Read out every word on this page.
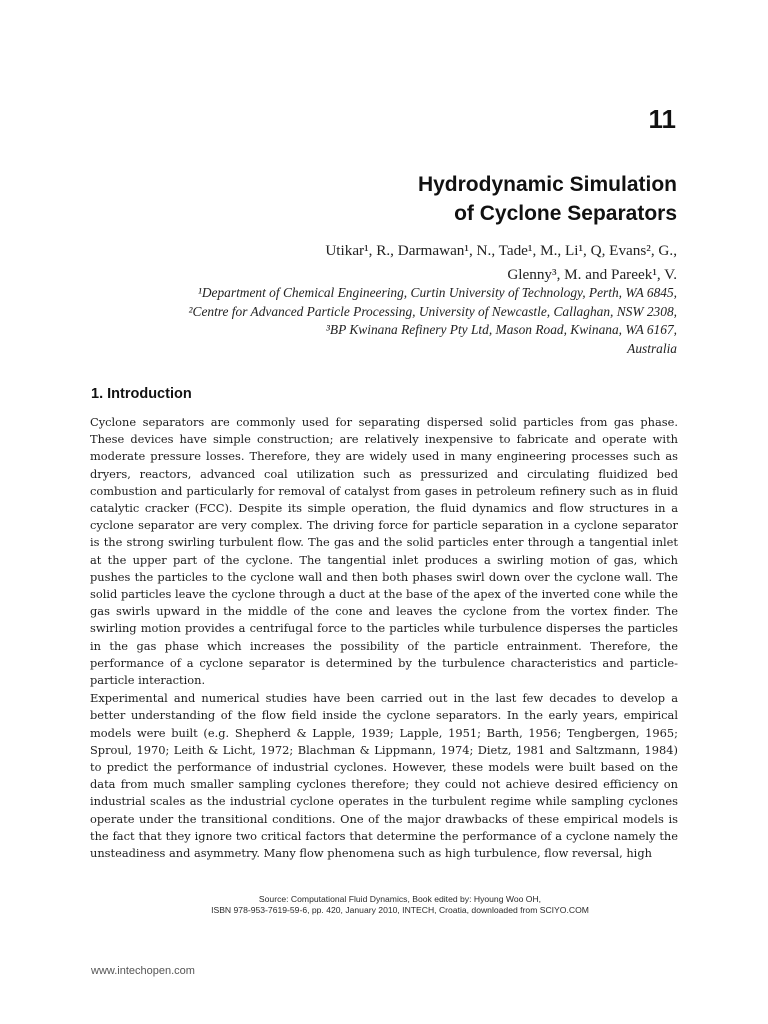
11
Hydrodynamic Simulation
of Cyclone Separators
Utikar¹, R., Darmawan¹, N., Tade¹, M., Li¹, Q, Evans², G.,
Glenny³, M. and Pareek¹, V.
¹Department of Chemical Engineering, Curtin University of Technology, Perth, WA 6845,
²Centre for Advanced Particle Processing, University of Newcastle, Callaghan, NSW 2308,
³BP Kwinana Refinery Pty Ltd, Mason Road, Kwinana, WA 6167,
Australia
1. Introduction

Cyclone separators are commonly used for separating dispersed solid particles from gas phase. These devices have simple construction; are relatively inexpensive to fabricate and operate with moderate pressure losses. Therefore, they are widely used in many engineering processes such as dryers, reactors, advanced coal utilization such as pressurized and circulating fluidized bed combustion and particularly for removal of catalyst from gases in petroleum refinery such as in fluid catalytic cracker (FCC). Despite its simple operation, the fluid dynamics and flow structures in a cyclone separator are very complex. The driving force for particle separation in a cyclone separator is the strong swirling turbulent flow. The gas and the solid particles enter through a tangential inlet at the upper part of the cyclone. The tangential inlet produces a swirling motion of gas, which pushes the particles to the cyclone wall and then both phases swirl down over the cyclone wall. The solid particles leave the cyclone through a duct at the base of the apex of the inverted cone while the gas swirls upward in the middle of the cone and leaves the cyclone from the vortex finder. The swirling motion provides a centrifugal force to the particles while turbulence disperses the particles in the gas phase which increases the possibility of the particle entrainment. Therefore, the performance of a cyclone separator is determined by the turbulence characteristics and particle-particle interaction.

Experimental and numerical studies have been carried out in the last few decades to develop a better understanding of the flow field inside the cyclone separators. In the early years, empirical models were built (e.g. Shepherd & Lapple, 1939; Lapple, 1951; Barth, 1956; Tengbergen, 1965; Sproul, 1970; Leith & Licht, 1972; Blachman & Lippmann, 1974; Dietz, 1981 and Saltzmann, 1984) to predict the performance of industrial cyclones. However, these models were built based on the data from much smaller sampling cyclones therefore; they could not achieve desired efficiency on industrial scales as the industrial cyclone operates in the turbulent regime while sampling cyclones operate under the transitional conditions. One of the major drawbacks of these empirical models is the fact that they ignore two critical factors that determine the performance of a cyclone namely the unsteadiness and asymmetry. Many flow phenomena such as high turbulence, flow reversal, high

Source: Computational Fluid Dynamics, Book edited by: Hyoung Woo OH,
ISBN 978-953-7619-59-6, pp. 420, January 2010, INTECH, Croatia, downloaded from SCIYO.COM
www.intechopen.com
